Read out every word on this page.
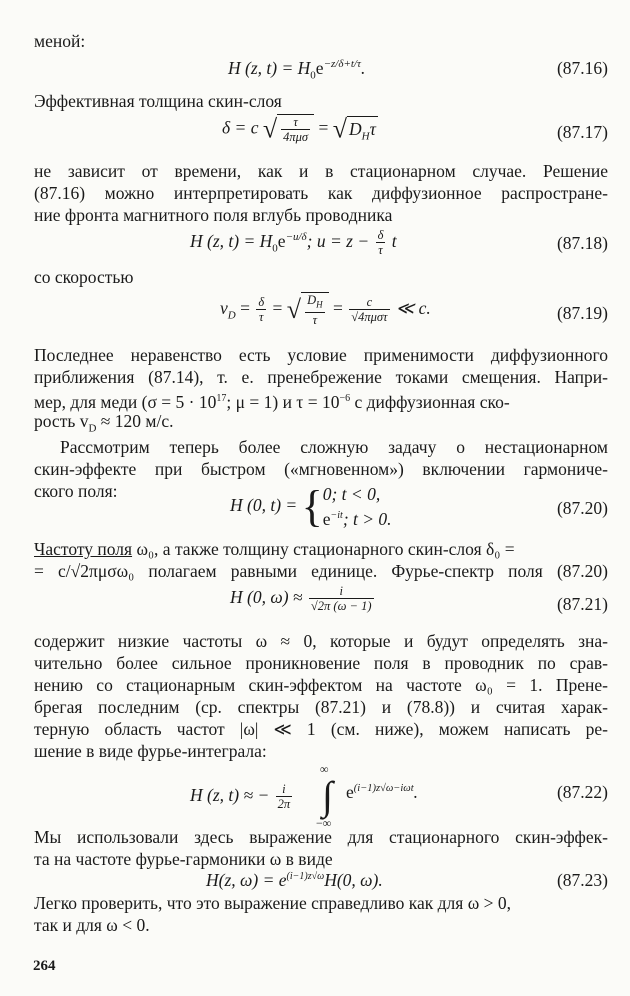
меной:
H (z, $t) = H_0e^{-z/\delta+t/\tau}$.	(87.16)
Эффективная толщина скин-слоя
δ = c √ $\frac{\tau}{\text{4πμσ}}$ = √ $D_H\tau$	(87.17)
не зависит от времени, как и в стационарном случае. Решение
(87.16) можно интерпретировать как диффузионное распростране-
ние фронта магнитного поля вглубь проводника
H (z, $t) = H_0e^{-u/\delta}$; $u = z - \frac{\delta}{\tau}$ t	(87.18)
со скоростью
$v_D = \frac{\delta}{\tau}$ = √ $\frac{D_H}{\tau} = \frac{c}{\text{√4πμστ}}$ ≪ c.	(87.19)
Последнее неравенство есть условие применимости диффузионного
приближения (87.14), т. е. пренебрежение токами смещения. Напри-
мер, для меди ($\sigma = 5 \cdot 10^{17}$; μ = 1) и $\tau = 10^{-6}$ с диффузионная ско-
рость $v_D \approx 120$ м/с.
Рассмотрим теперь более сложную задачу о нестационарном
скин-эффекте при быстром («мгновенном») включении гармониче-
ского поля:
H (0, t) = { 0; t < 0,
$e^{-it}$; t > 0.
(87.20)
Частоту поля ω₀, а также толщину стационарного скин-слоя δ₀ =
= c/√2πμσω₀ полагаем равными единице. Фурье-спектр поля (87.20)
H (0, $\omega) \approx \frac{i}{√2\pi (\omega - 1)}$	(87.21)
содержит низкие частоты ω ≈ 0, которые и будут определять зна-
чительно более сильное проникновение поля в проводник по срав-
нению со стационарным скин-эффектом на частоте ω₀ = 1. Прене-
брегая последним (ср. спектры (87.21) и (78.8)) и считая харак-
терную область частот |ω| ≪ 1 (см. ниже), можем написать ре-
шение в виде фурье-интеграла:
H (z, t) ≈ − $\frac{i}{2\pi}$
∞
∫
−∞
$e^{(i-1)z√\omega-i\omega t}$.	(87.22)
Мы использовали здесь выражение для стационарного скин-эффек-
та на частоте фурье-гармоники ω в виде
H(z, $\omega) = e^{(i-1)z√\omega}H(0$, ω).	(87.23)
Легко проверить, что это выражение справедливо как для ω > 0,
так и для ω < 0.
264
